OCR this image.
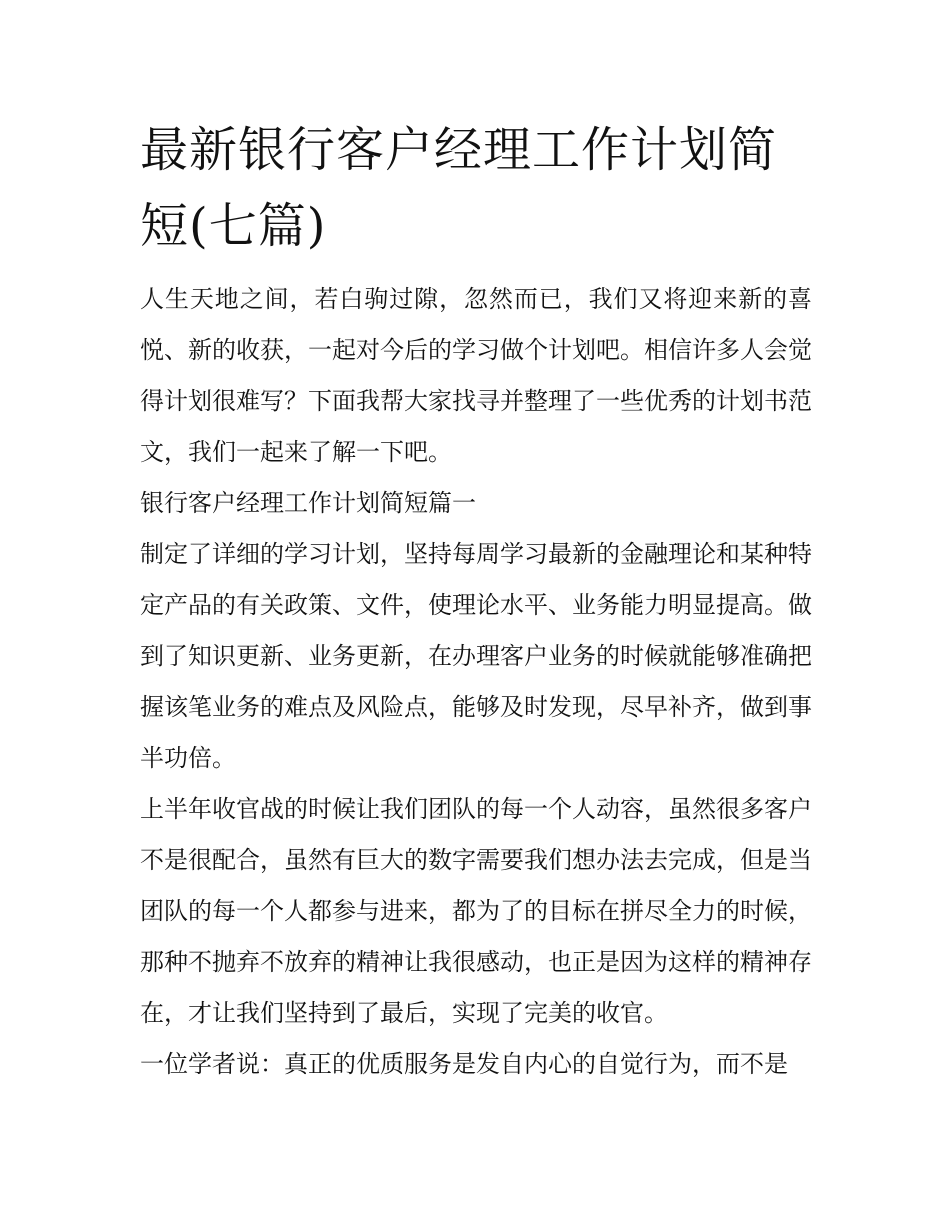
最新银行客户经理工作计划简短(七篇)

人生天地之间，若白驹过隙，忽然而已，我们又将迎来新的喜悦、新的收获，一起对今后的学习做个计划吧。相信许多人会觉得计划很难写？下面我帮大家找寻并整理了一些优秀的计划书范文，我们一起来了解一下吧。

银行客户经理工作计划简短篇一

制定了详细的学习计划，坚持每周学习最新的金融理论和某种特定产品的有关政策、文件，使理论水平、业务能力明显提高。做到了知识更新、业务更新，在办理客户业务的时候就能够准确把握该笔业务的难点及风险点，能够及时发现，尽早补齐，做到事半功倍。

上半年收官战的时候让我们团队的每一个人动容，虽然很多客户不是很配合，虽然有巨大的数字需要我们想办法去完成，但是当团队的每一个人都参与进来，都为了的目标在拼尽全力的时候，那种不抛弃不放弃的精神让我很感动，也正是因为这样的精神存在，才让我们坚持到了最后，实现了完美的收官。

一位学者说：真正的优质服务是发自内心的自觉行为，而不是
